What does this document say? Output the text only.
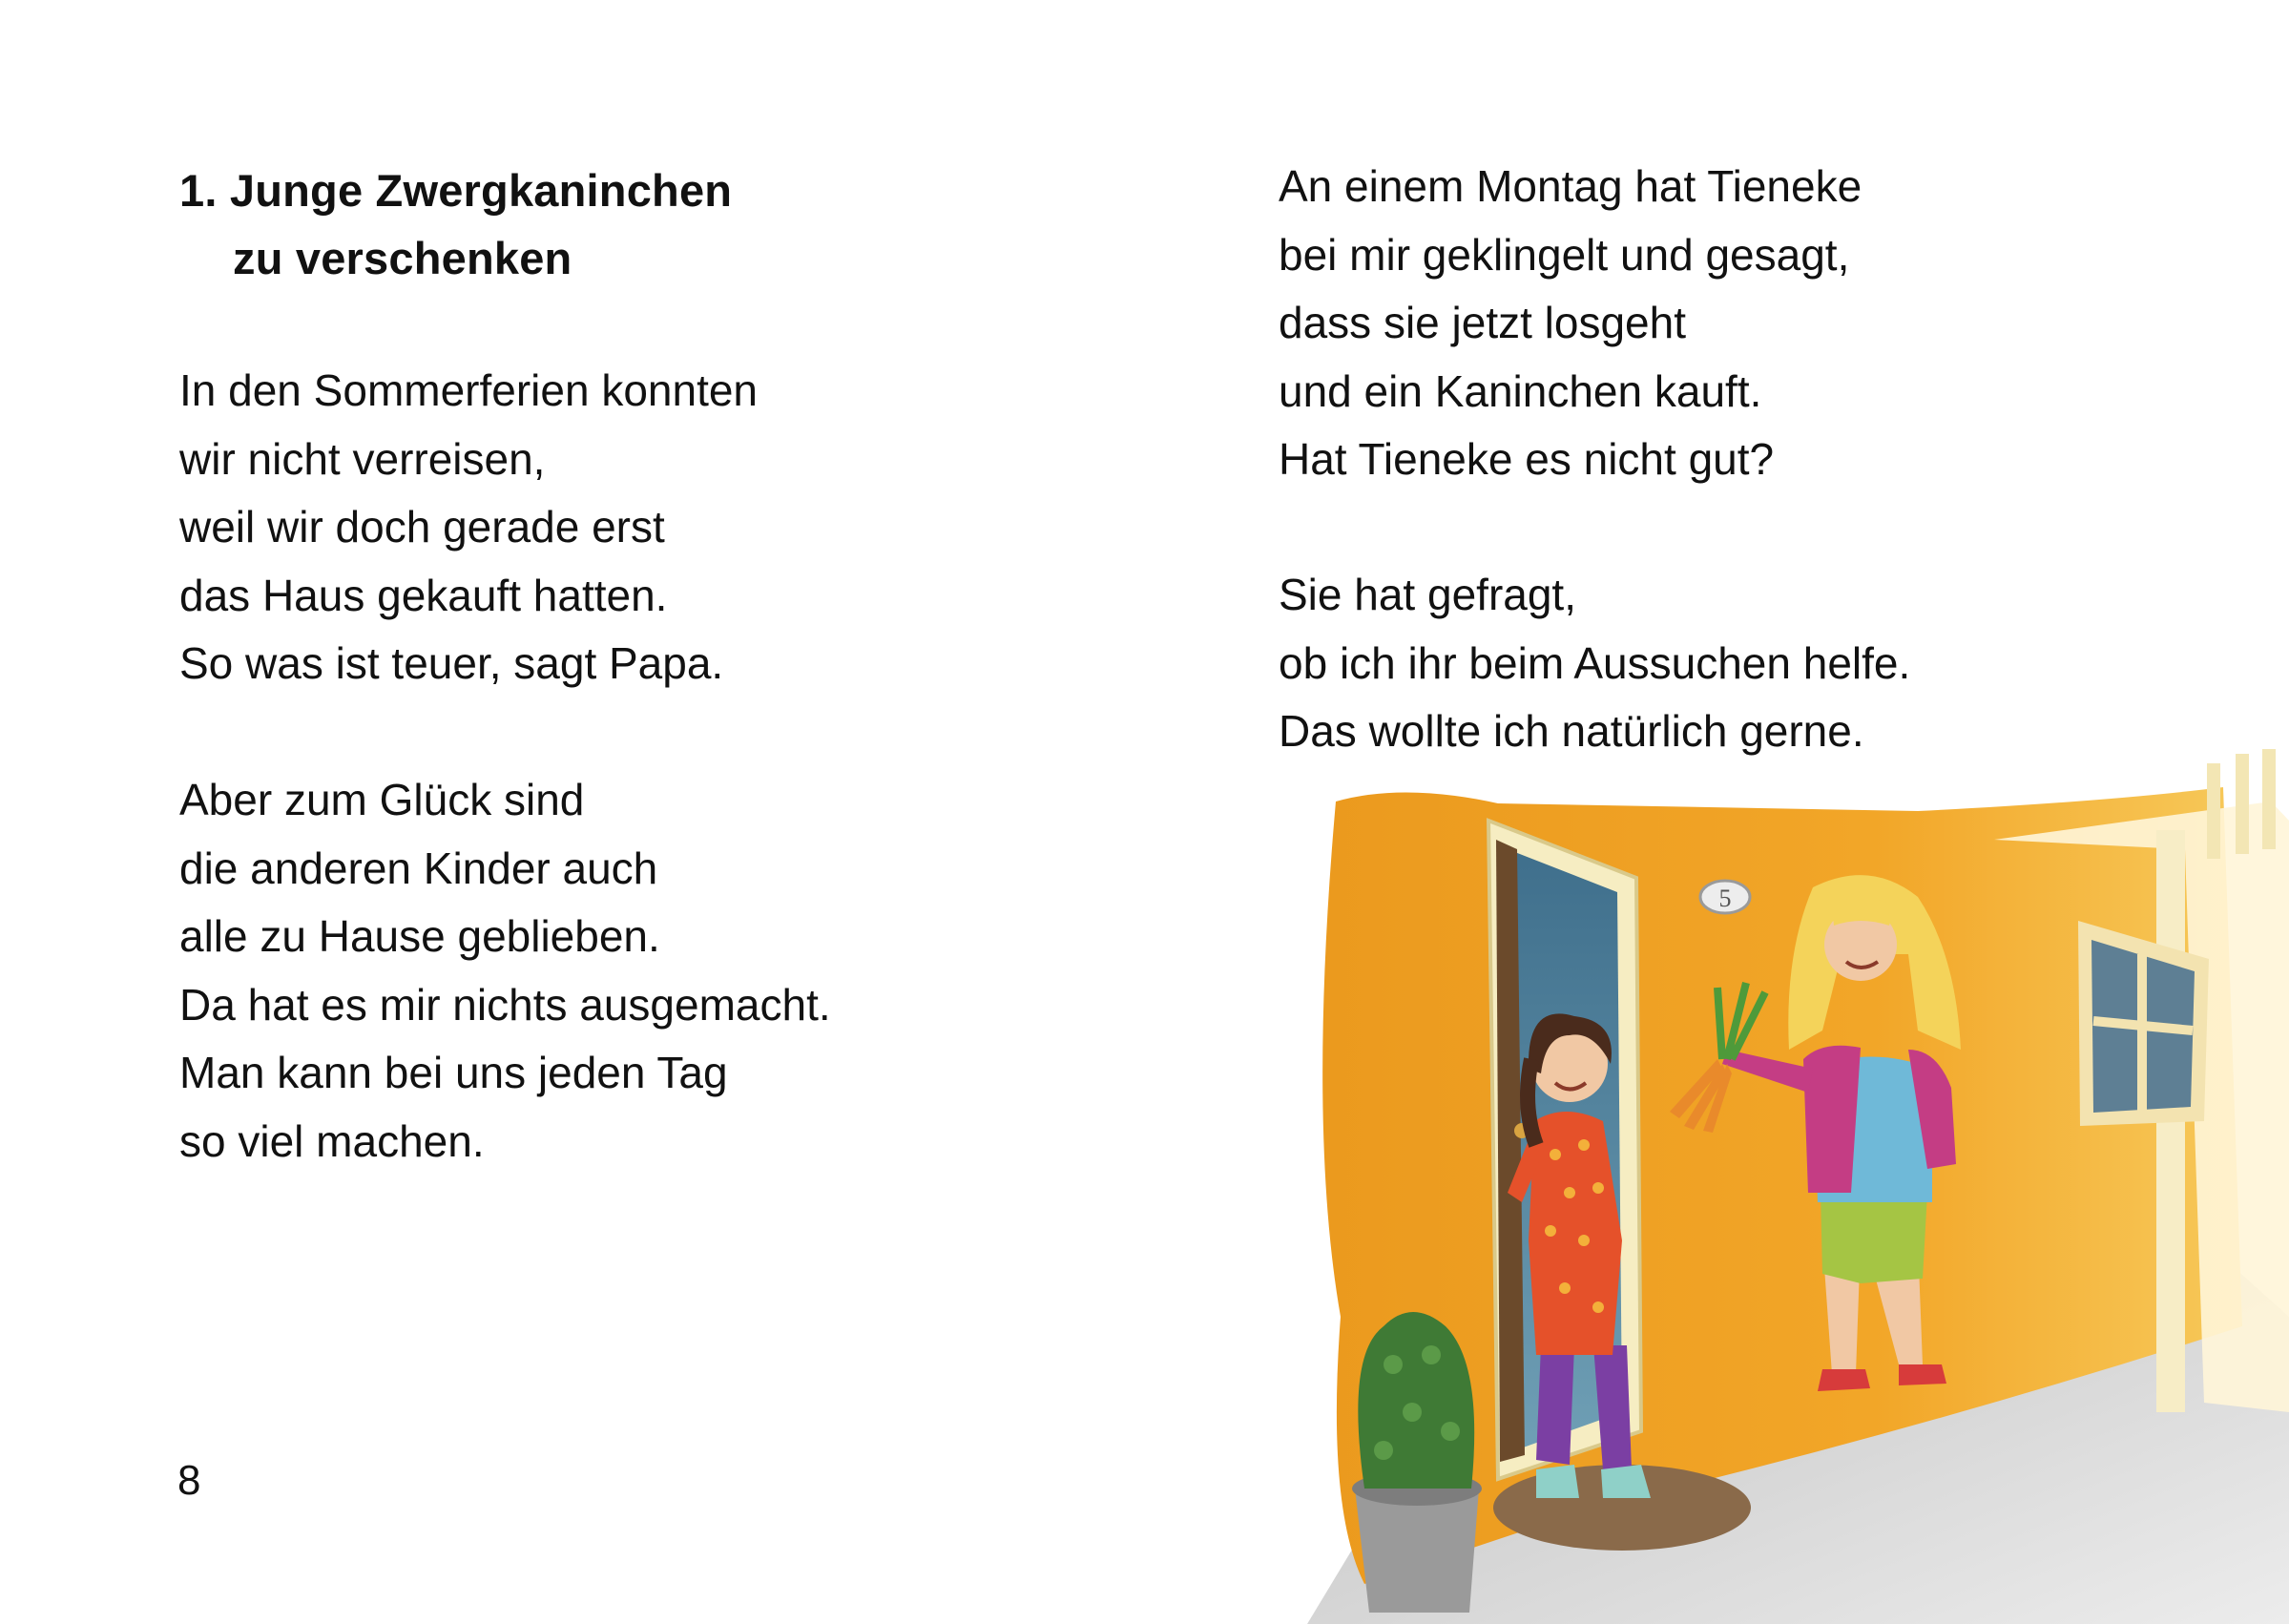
1. Junge Zwergkaninchen
zu verschenken

In den Sommerferien konnten

wir nicht verreisen,

weil wir doch gerade erst

das Haus gekauft hatten.

So was ist teuer, sagt Papa.

Aber zum Glück sind

die anderen Kinder auch

alle zu Hause geblieben.

Da hat es mir nichts ausgemacht.

Man kann bei uns jeden Tag

so viel machen.

8

An einem Montag hat Tieneke

bei mir geklingelt und gesagt,

dass sie jetzt losgeht

und ein Kaninchen kauft.

Hat Tieneke es nicht gut?

Sie hat gefragt,

ob ich ihr beim Aussuchen helfe.

Das wollte ich natürlich gerne.

5
